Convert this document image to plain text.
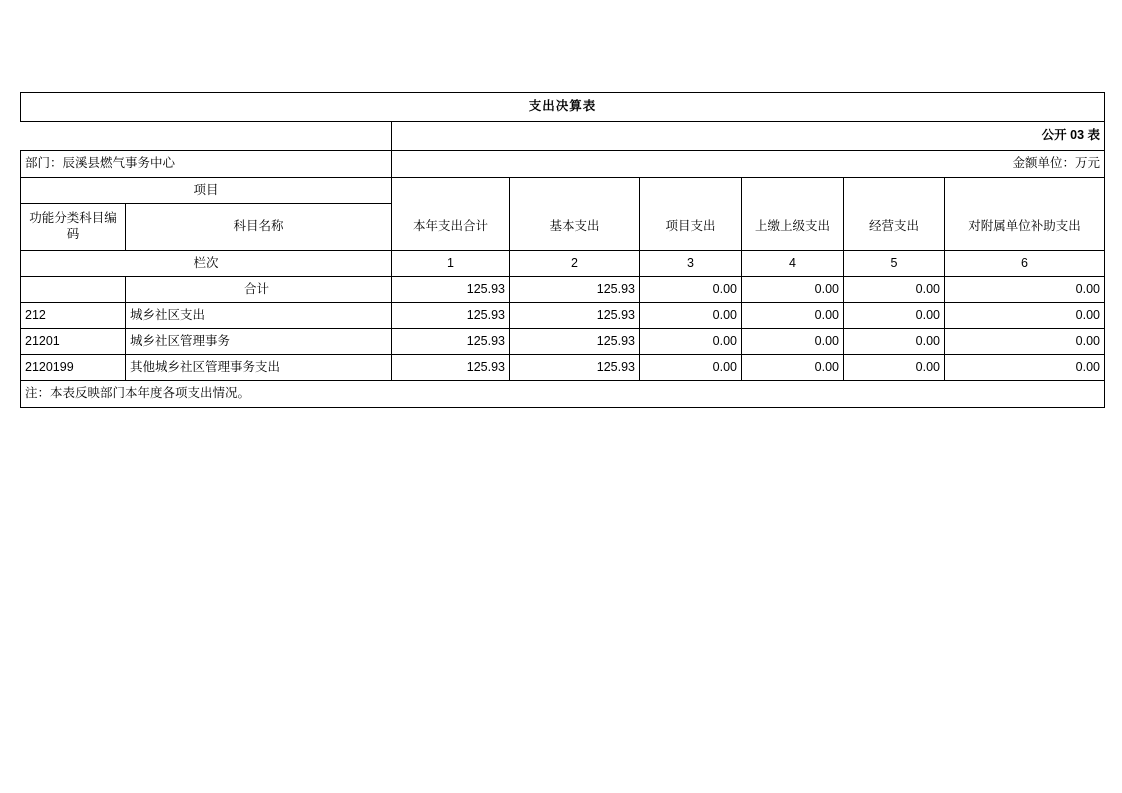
支出决算表							
		公开 03 表					
部门：辰溪县燃气事务中心		金额单位：万元					
项目							
功能分类科目编码	科目名称	本年支出合计	基本支出	项目支出	上缴上级支出	经营支出	对附属单位补助支出
栏次		1	2	3	4	5	6
	合计	125.93	125.93	0.00	0.00	0.00	0.00
212	城乡社区支出	125.93	125.93	0.00	0.00	0.00	0.00
21201	城乡社区管理事务	125.93	125.93	0.00	0.00	0.00	0.00
2120199	其他城乡社区管理事务支出	125.93	125.93	0.00	0.00	0.00	0.00
注：本表反映部门本年度各项支出情况。							
